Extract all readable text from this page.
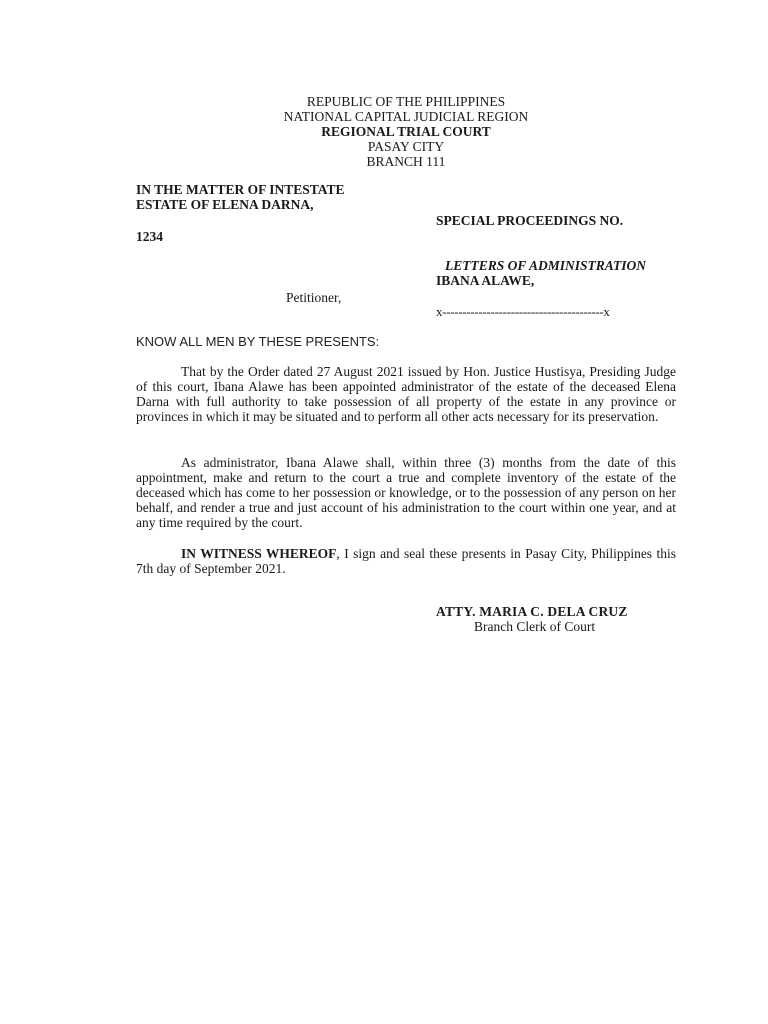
REPUBLIC OF THE PHILIPPINES
NATIONAL CAPITAL JUDICIAL REGION
REGIONAL TRIAL COURT
PASAY CITY
BRANCH 111
IN THE MATTER OF INTESTATE
ESTATE OF ELENA DARNA,
1234
SPECIAL PROCEEDINGS NO.
LETTERS OF ADMINISTRATION
IBANA ALAWE,
Petitioner,
x----------------------------------------x
KNOW ALL MEN BY THESE PRESENTS:
That by the Order dated 27 August 2021 issued by Hon. Justice Hustisya, Presiding Judge of this court, Ibana Alawe has been appointed administrator of the estate of the deceased Elena Darna with full authority to take possession of all property of the estate in any province or provinces in which it may be situated and to perform all other acts necessary for its preservation.
As administrator, Ibana Alawe shall, within three (3) months from the date of this appointment, make and return to the court a true and complete inventory of the estate of the deceased which has come to her possession or knowledge, or to the possession of any person on her behalf, and render a true and just account of his administration to the court within one year, and at any time required by the court.
IN WITNESS WHEREOF, I sign and seal these presents in Pasay City, Philippines this 7th day of September 2021.
ATTY. MARIA C. DELA CRUZ
Branch Clerk of Court
